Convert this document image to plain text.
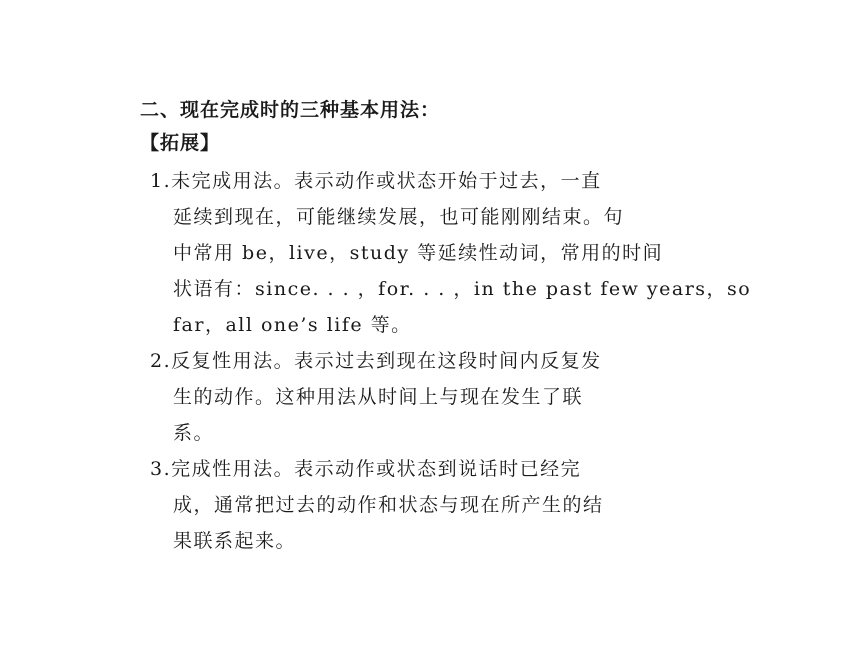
二、现在完成时的三种基本用法：
【拓展】
1.未完成用法。表示动作或状态开始于过去，一直
延续到现在，可能继续发展，也可能刚刚结束。句
中常用 be，live，study 等延续性动词，常用的时间
状语有：since. . . ，for. . . ，in the past few years，so
far，all one’s life 等。
2.反复性用法。表示过去到现在这段时间内反复发
生的动作。这种用法从时间上与现在发生了联
系。
3.完成性用法。表示动作或状态到说话时已经完
成，通常把过去的动作和状态与现在所产生的结
果联系起来。
